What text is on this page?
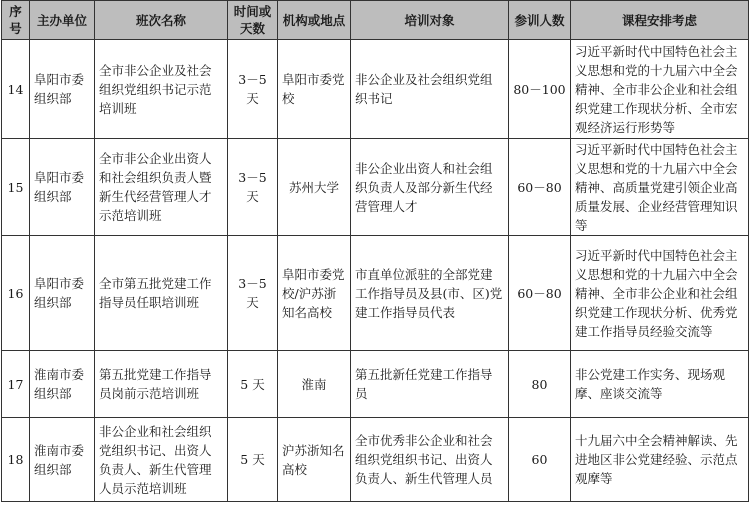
序号	主办单位	班次名称	时间或天数	机构或地点	培训对象	参训人数	课程安排考虑
14	阜阳市委组织部	全市非公企业及社会组织党组织书记示范培训班	3－5 天	阜阳市委党校	非公企业及社会组织党组织书记	80－100	习近平新时代中国特色社会主义思想和党的十九届六中全会精神、全市非公企业和社会组织党建工作现状分析、全市宏观经济运行形势等
15	阜阳市委组织部	全市非公企业出资人和社会组织负责人暨新生代经营管理人才示范培训班	3－5 天	苏州大学	非公企业出资人和社会组织负责人及部分新生代经营管理人才	60－80	习近平新时代中国特色社会主义思想和党的十九届六中全会精神、高质量党建引领企业高质量发展、企业经营管理知识等
16	阜阳市委组织部	全市第五批党建工作指导员任职培训班	3－5 天	阜阳市委党校/沪苏浙知名高校	市直单位派驻的全部党建工作指导员及县(市、区)党建工作指导员代表	60－80	习近平新时代中国特色社会主义思想和党的十九届六中全会精神、全市非公企业和社会组织党建工作现状分析、优秀党建工作指导员经验交流等
17	淮南市委组织部	第五批党建工作指导员岗前示范培训班	5 天	淮南	第五批新任党建工作指导员	80	非公党建工作实务、现场观摩、座谈交流等
18	淮南市委组织部	非公企业和社会组织党组织书记、出资人负责人、新生代管理人员示范培训班	5 天	沪苏浙知名高校	全市优秀非公企业和社会组织党组织书记、出资人负责人、新生代管理人员	60	十九届六中全会精神解读、先进地区非公党建经验、示范点观摩等
